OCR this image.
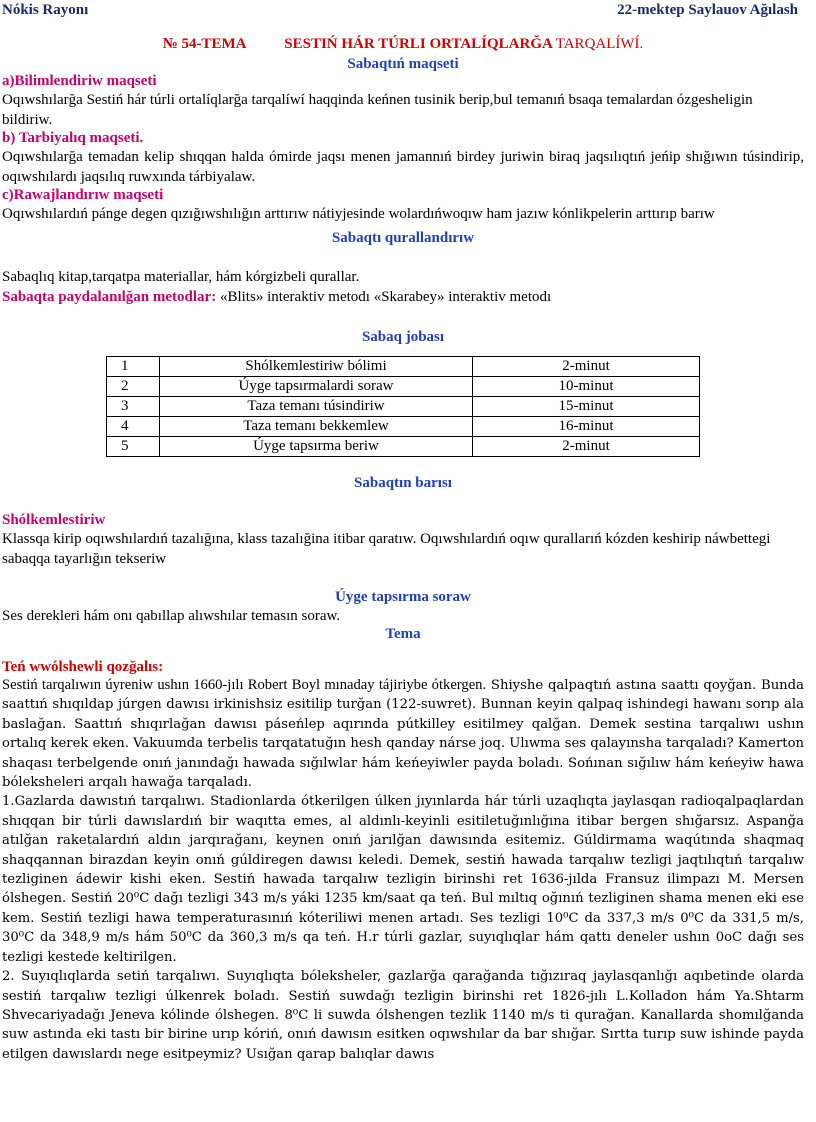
Nókis Rayonı	22-mektep Saylauov Ağılash
№ 54-TEMA	SESTIŃ HÁR TÚRLI ORTALÍQLARĞA TARQALÍWÍ.
Sabaqtıń maqseti
a)Bilimlendiriw maqseti

Oqıwshılarğa Sestiń hár túrli ortalíqlarğa tarqalíwí haqqinda keńnen tusinik berip,bul temanıń bsaqa temalardan ózgesheligin bildiriw.

b) Tarbiyalıq maqseti.

Oqıwshılarğa temadan kelip shıqqan halda ómirde jaqsı menen jamannıń birdey juriwin biraq jaqsılıqtıń jeńip shığıwın túsindirip, oqıwshılardı jaqsılıq ruwxında tárbiyalaw.

c)Rawajlandırıw maqseti

Oqıwshılardıń pánge degen qızığıwshılığın arttırıw nátiyjesinde wolardıńwoqıw ham jazıw kónlikpelerin arttırıp barıw

Sabaqtı qurallandırıw

Sabaqlıq kitap,tarqatpa materiallar, hám kórgizbeli qurallar.

Sabaqta paydalanılğan metodlar: «Blits» interaktiv metodı «Skarabey» interaktiv metodı

Sabaq jobası
1	Shólkemlestiriw bólimi	2-minut
2	Úyge tapsırmalardi soraw	10-minut
3	Taza temanı túsindiriw	15-minut
4	Taza temanı bekkemlew	16-minut
5	Úyge tapsırma beriw	2-minut
Sabaqtın barısı
Shólkemlestiriw

Klassqa kirip oqıwshılardıń tazalığına, klass tazalığina itibar qaratıw. Oqıwshılardıń oqıw qurallarıń kózden keshirip náwbettegi sabaqqa tayarlığın tekseriw

Úyge tapsırma soraw

Ses derekleri hám onı qabıllap alıwshılar temasın soraw.

Tema
Teń wwólshewli qozğalıs:

Sestiń tarqalıwın úyreniw ushın 1660-jılı Robert Boyl mınaday tájiriybe ótkergen. Shiyshe qalpaqtıń astına saattı qoyğan. Bunda saattıń shıqıldap júrgen dawısı irkinishsiz esitilip turğan (122-suwret). Bunnan keyin qalpaq ishindegi hawanı sorıp ala baslağan. Saattıń shıqırlağan dawısı páseńlep aqırında pútkilley esitilmey qalğan. Demek sestina tarqalıwı ushın ortalıq kerek eken. Vakuumda terbelis tarqatatuğın hesh qanday nárse joq. Ulıwma ses qalayınsha tarqaladı? Kamerton shaqası terbelgende onıń janındağı hawada sığılwlar hám keńeyiwler payda boladı. Sońınan sığılıw hám keńeyiw hawa bóleksheleri arqalı hawağa tarqaladı.

1.Gazlarda dawıstıń tarqalıwı. Stadionlarda ótkerilgen úlken jıyınlarda hár túrli uzaqlıqta jaylasqan radioqalpaqlardan shıqqan bir túrli dawıslardıń bir waqıtta emes, al aldınlı-keyinli esitiletuğınlığına itibar bergen shığarsız. Aspanğa atılğan raketalardıń aldın jarqırağanı, keynen onıń jarılğan dawısında esitemiz. Gúldirmama waqútında shaqmaq shaqqannan birazdan keyin onıń gúldiregen dawısı keledi. Demek, sestiń hawada tarqalıw tezligi jaqtılıqtıń tarqalıw tezliginen ádewir kishi eken. Sestiń hawada tarqalıw tezligin birinshi ret 1636-jılda Fransuz ilimpazı M. Mersen ólshegen. Sestiń 20⁰C dağı tezligi 343 m/s yáki 1235 km/saat qa teń. Bul mıltıq oğınıń tezliginen shama menen eki ese kem. Sestiń tezligi hawa temperaturasınıń kóteriliwi menen artadı. Ses tezligi 10⁰C da 337,3 m/s 0⁰C da 331,5 m/s, 30⁰C da 348,9 m/s hám 50⁰C da 360,3 m/s qa teń. H.r túrli gazlar, suyıqlıqlar hám qattı deneler ushın 0oC dağı ses tezligi kestede keltirilgen.

2. Suyıqlıqlarda setiń tarqalıwı. Suyıqlıqta bóleksheler, gazlarğa qarağanda tığızıraq jaylasqanlığı aqıbetinde olarda sestiń tarqalıw tezligi úlkenrek boladı. Sestiń suwdağı tezligin birinshi ret 1826-jılı L.Kolladon hám Ya.Shtarm Shvecariyadağı Jeneva kólinde ólshegen. 8⁰C li suwda ólshengen tezlik 1140 m/s ti qurağan. Kanallarda shomılğanda suw astında eki tastı bir birine urıp kóriń, onıń dawısın esitken oqıwshılar da bar shığar. Sırtta turıp suw ishinde payda etilgen dawıslardı nege esitpeymiz? Usığan qarap balıqlar dawıs
